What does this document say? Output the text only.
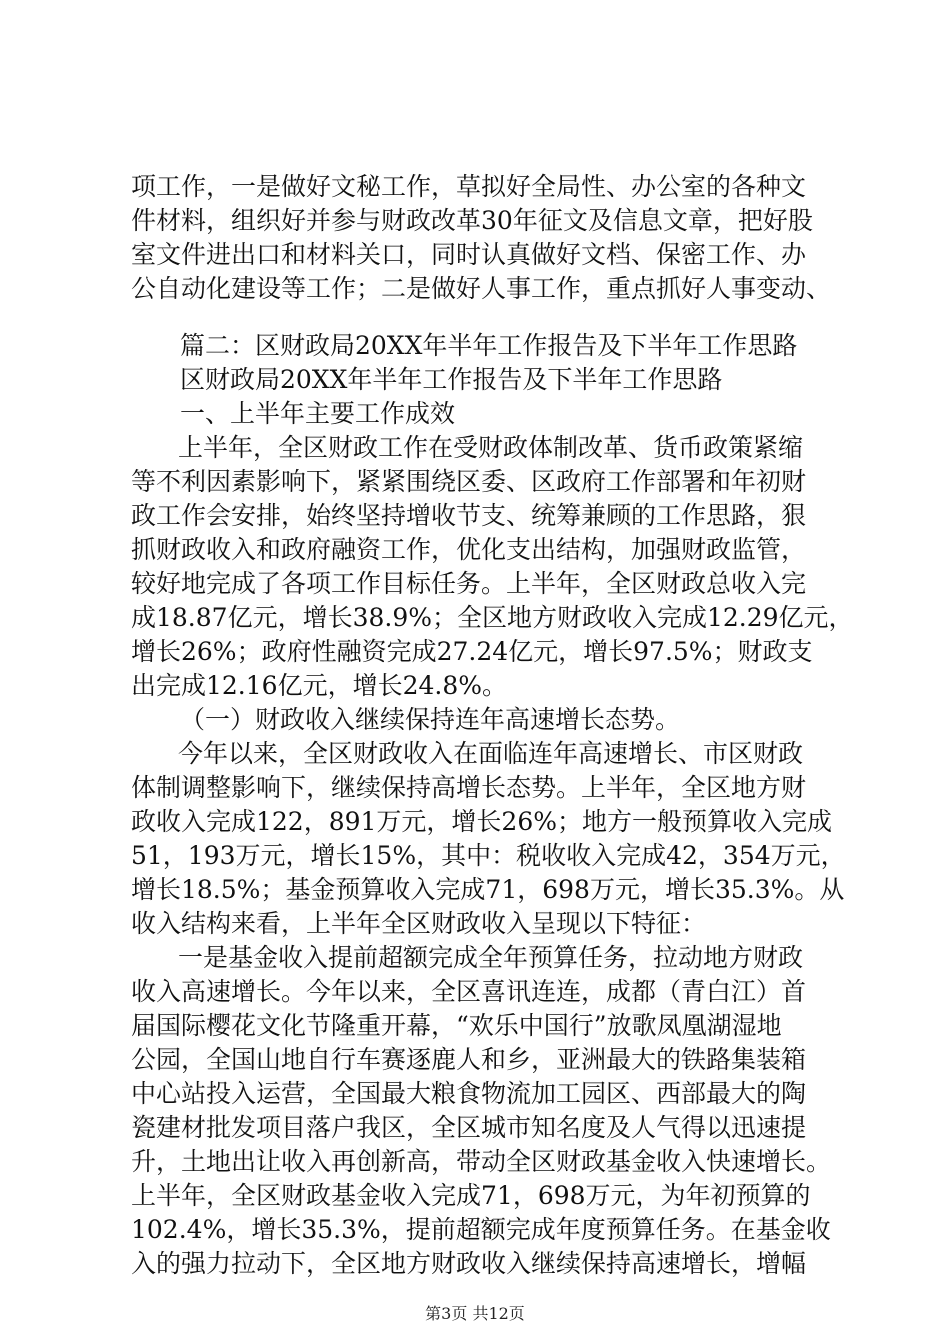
项工作，一是做好文秘工作，草拟好全局性、办公室的各种文
件材料，组织好并参与财政改革30年征文及信息文章，把好股
室文件进出口和材料关口，同时认真做好文档、保密工作、办
公自动化建设等工作；二是做好人事工作，重点抓好人事变动、
篇二：区财政局20XX年半年工作报告及下半年工作思路
区财政局20XX年半年工作报告及下半年工作思路
一、上半年主要工作成效
上半年，全区财政工作在受财政体制改革、货币政策紧缩
等不利因素影响下，紧紧围绕区委、区政府工作部署和年初财
政工作会安排，始终坚持增收节支、统筹兼顾的工作思路，狠
抓财政收入和政府融资工作，优化支出结构，加强财政监管，
较好地完成了各项工作目标任务。上半年，全区财政总收入完
成18.87亿元，增长38.9%；全区地方财政收入完成12.29亿元，
增长26%；政府性融资完成27.24亿元，增长97.5%；财政支
出完成12.16亿元，增长24.8%。
（一）财政收入继续保持连年高速增长态势。
今年以来，全区财政收入在面临连年高速增长、市区财政
体制调整影响下，继续保持高增长态势。上半年，全区地方财
政收入完成122，891万元，增长26%；地方一般预算收入完成
51，193万元，增长15%，其中：税收收入完成42，354万元，
增长18.5%；基金预算收入完成71，698万元，增长35.3%。从
收入结构来看，上半年全区财政收入呈现以下特征：
一是基金收入提前超额完成全年预算任务，拉动地方财政
收入高速增长。今年以来，全区喜讯连连，成都（青白江）首
届国际樱花文化节隆重开幕，“欢乐中国行”放歌凤凰湖湿地
公园，全国山地自行车赛逐鹿人和乡，亚洲最大的铁路集装箱
中心站投入运营，全国最大粮食物流加工园区、西部最大的陶
瓷建材批发项目落户我区，全区城市知名度及人气得以迅速提
升，土地出让收入再创新高，带动全区财政基金收入快速增长。
上半年，全区财政基金收入完成71，698万元，为年初预算的
102.4%，增长35.3%，提前超额完成年度预算任务。在基金收
入的强力拉动下，全区地方财政收入继续保持高速增长，增幅
第3页 共12页
